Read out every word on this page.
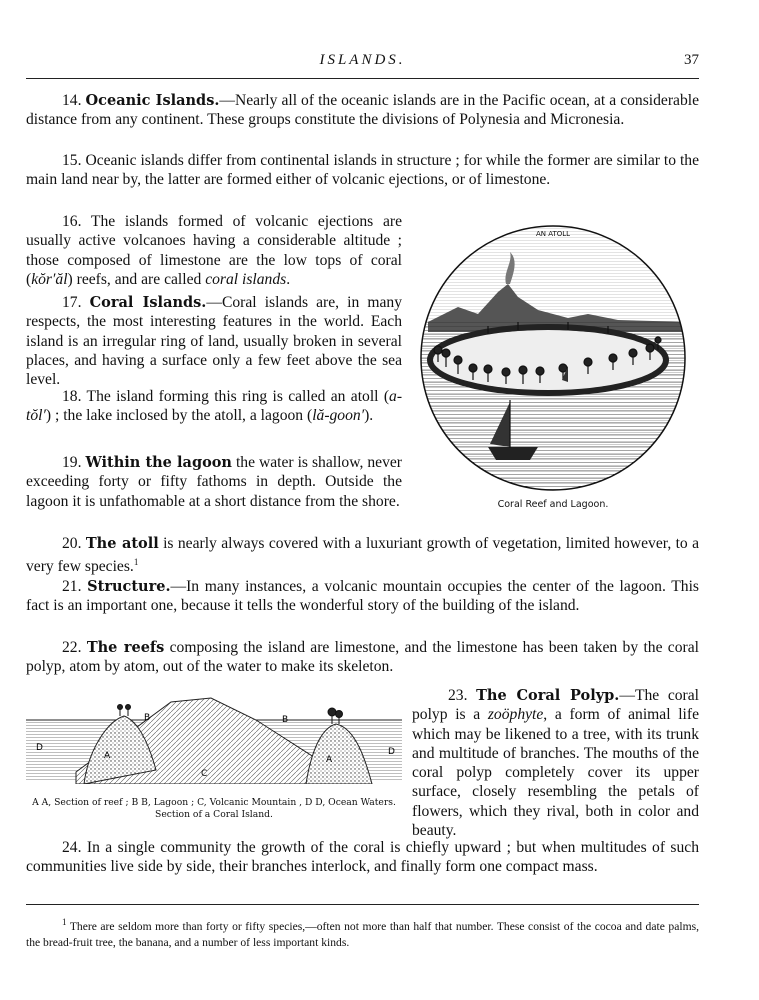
ISLANDS.	37

14. Oceanic Islands.—Nearly all of the oceanic islands are in the Pacific ocean, at a considerable distance from any continent. These groups constitute the divisions of Polynesia and Micronesia.

15. Oceanic islands differ from continental islands in structure ; for while the former are similar to the main land near by, the latter are formed either of volcanic ejections, or of limestone.

16. The islands formed of volcanic ejections are usually active volcanoes having a considerable altitude ; those composed of limestone are the low tops of coral (kŏr′ăl) reefs, and are called coral islands.

17. Coral Islands.—Coral islands are, in many respects, the most interesting features in the world. Each island is an irregular ring of land, usually broken in several places, and having a surface only a few feet above the sea level.

18. The island forming this ring is called an atoll (a-tŏl′) ; the lake inclosed by the atoll, a lagoon (lă-goon′).

19. Within the lagoon the water is shallow, never exceeding forty or fifty fathoms in depth. Outside the lagoon it is unfathomable at a short distance from the shore.

AN ATOLL
Coral Reef and Lagoon.

20. The atoll is nearly always covered with a luxuriant growth of vegetation, limited however, to a very few species.$^1$

21. Structure.—In many instances, a volcanic mountain occupies the center of the lagoon. This fact is an important one, because it tells the wonderful story of the building of the island.

22. The reefs composing the island are limestone, and the limestone has been taken by the coral polyp, atom by atom, out of the water to make its skeleton.

B	B
A	A
C
D	D
A A, Section of reef ; B B, Lagoon ; C, Volcanic Mountain , D D, Ocean Waters.
Section of a Coral Island.

23. The Coral Polyp.—The coral polyp is a zoöphyte, a form of animal life which may be likened to a tree, with its trunk and multitude of branches. The mouths of the coral polyp completely cover its upper surface, closely resembling the petals of flowers, which they rival, both in color and beauty.

24. In a single community the growth of the coral is chiefly upward ; but when multitudes of such communities live side by side, their branches interlock, and finally form one compact mass.

$^1$ There are seldom more than forty or fifty species,—often not more than half that number. These consist of the cocoa and date palms, the bread-fruit tree, the banana, and a number of less important kinds.
